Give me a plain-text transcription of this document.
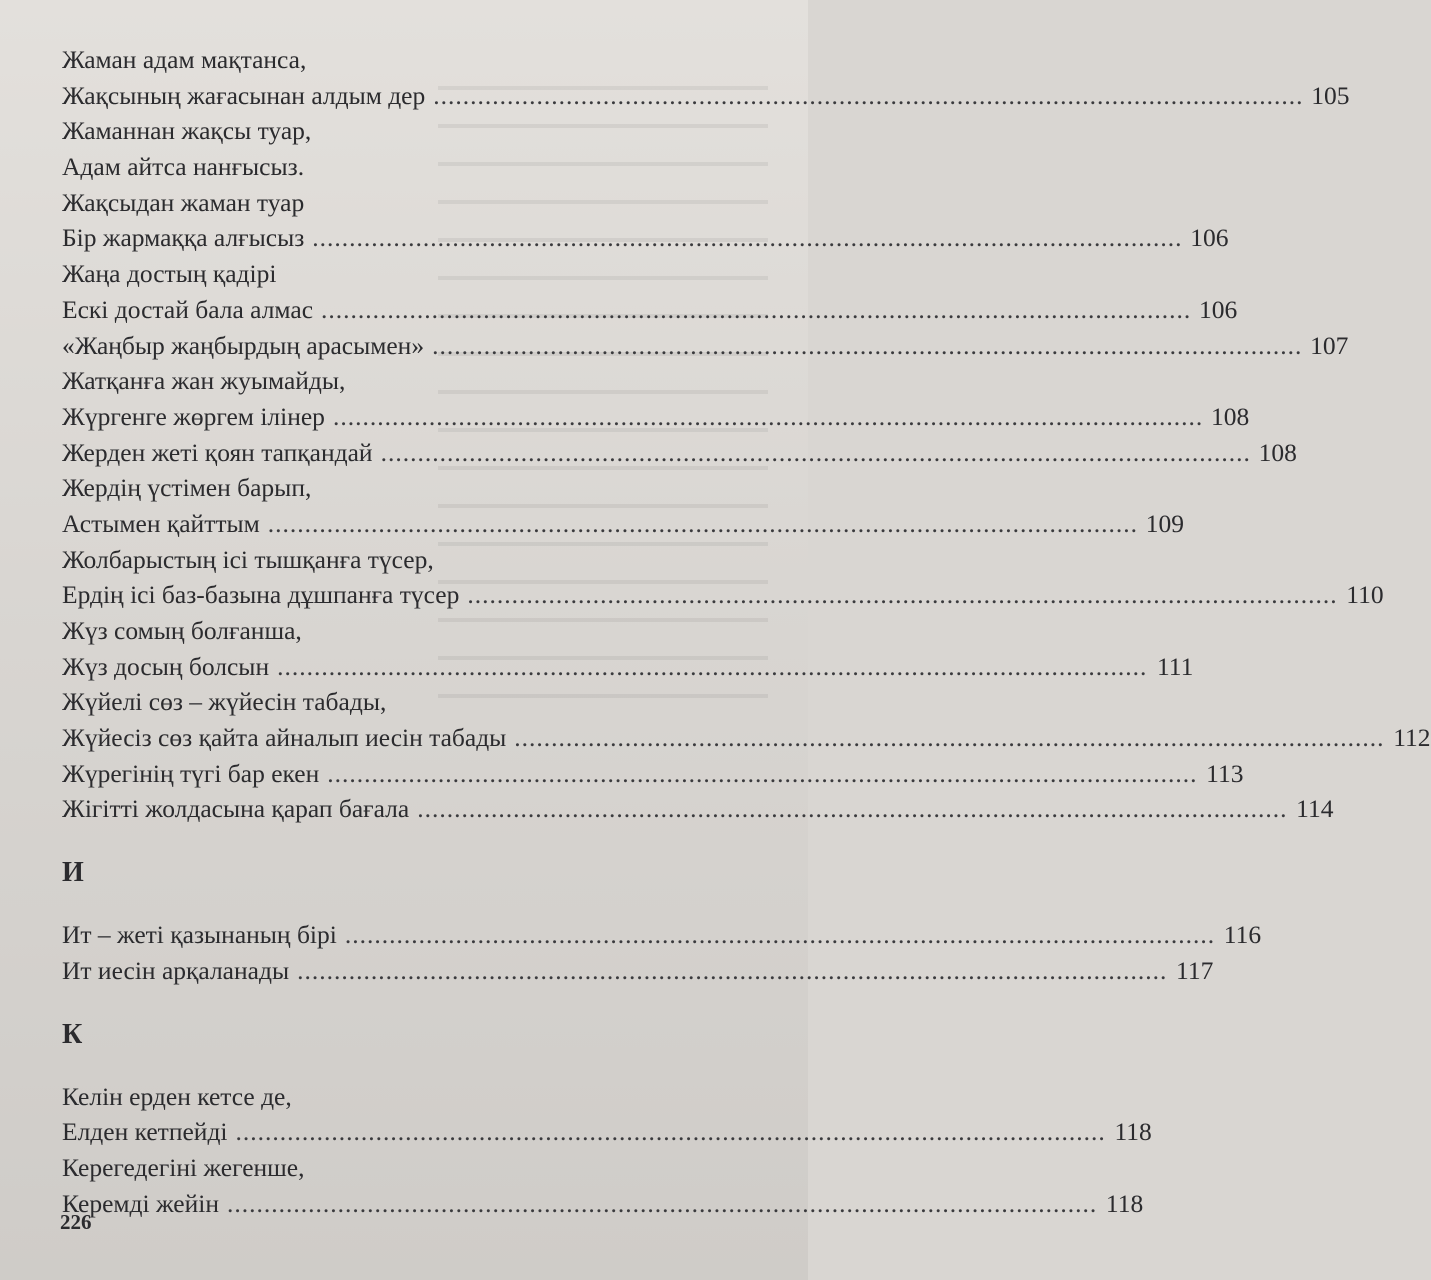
Жаман адам мақтанса,
Жақсының жағасынан алдым дер ...................................................................................................................... 105
Жаманнан жақсы туар,
Адам айтса нанғысыз.
Жақсыдан жаман туар
Бір жармаққа алғысыз ...................................................................................................................... 106
Жаңа достың қадірі
Ескі достай бала алмас ...................................................................................................................... 106
«Жаңбыр жаңбырдың арасымен» ...................................................................................................................... 107
Жатқанға жан жуымайды,
Жүргенге жөргем ілінер ...................................................................................................................... 108
Жерден жеті қоян тапқандай ...................................................................................................................... 108
Жердің үстімен барып,
Астымен қайттым ...................................................................................................................... 109
Жолбарыстың ісі тышқанға түсер,
Ердің ісі баз-базына дұшпанға түсер ...................................................................................................................... 110
Жүз сомың болғанша,
Жүз досың болсын ...................................................................................................................... 111
Жүйелі сөз – жүйесін табады,
Жүйесіз сөз қайта айналып иесін табады ...................................................................................................................... 112
Жүрегінің түгі бар екен ...................................................................................................................... 113
Жігітті жолдасына қарап бағала ...................................................................................................................... 114
И
Ит – жеті қазынаның бірі ...................................................................................................................... 116
Ит иесін арқаланады ...................................................................................................................... 117
К
Келін ерден кетсе де,
Елден кетпейді ...................................................................................................................... 118
Керегедегіні жегенше,
Керемді жейін ...................................................................................................................... 118
226
